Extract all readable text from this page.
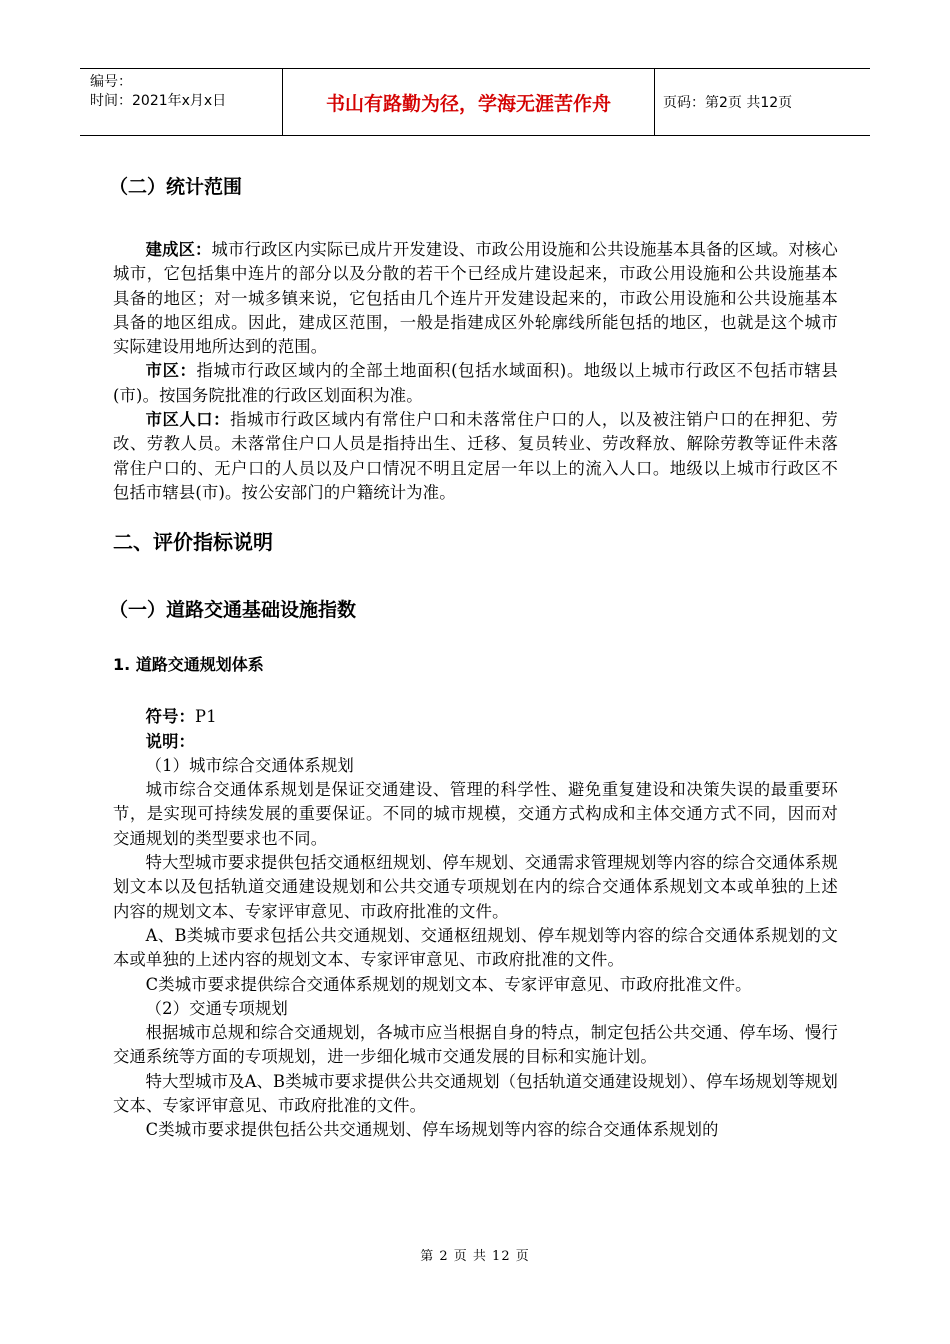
编号：
时间：2021年x月x日	书山有路勤为径，学海无涯苦作舟	页码：第2页 共12页
（二）统计范围

建成区：城市行政区内实际已成片开发建设、市政公用设施和公共设施基本具备的区域。对核心城市，它包括集中连片的部分以及分散的若干个已经成片建设起来，市政公用设施和公共设施基本具备的地区；对一城多镇来说，它包括由几个连片开发建设起来的，市政公用设施和公共设施基本具备的地区组成。因此，建成区范围，一般是指建成区外轮廓线所能包括的地区，也就是这个城市实际建设用地所达到的范围。

市区：指城市行政区域内的全部土地面积(包括水域面积)。地级以上城市行政区不包括市辖县(市)。按国务院批准的行政区划面积为准。

市区人口：指城市行政区域内有常住户口和未落常住户口的人，以及被注销户口的在押犯、劳改、劳教人员。未落常住户口人员是指持出生、迁移、复员转业、劳改释放、解除劳教等证件未落常住户口的、无户口的人员以及户口情况不明且定居一年以上的流入人口。地级以上城市行政区不包括市辖县(市)。按公安部门的户籍统计为准。

二、评价指标说明
（一）道路交通基础设施指数
1. 道路交通规划体系

符号：P1

说明：

（1）城市综合交通体系规划

城市综合交通体系规划是保证交通建设、管理的科学性、避免重复建设和决策失误的最重要环节，是实现可持续发展的重要保证。不同的城市规模，交通方式构成和主体交通方式不同，因而对交通规划的类型要求也不同。

特大型城市要求提供包括交通枢纽规划、停车规划、交通需求管理规划等内容的综合交通体系规划文本以及包括轨道交通建设规划和公共交通专项规划在内的综合交通体系规划文本或单独的上述内容的规划文本、专家评审意见、市政府批准的文件。

A、B类城市要求包括公共交通规划、交通枢纽规划、停车规划等内容的综合交通体系规划的文本或单独的上述内容的规划文本、专家评审意见、市政府批准的文件。

C类城市要求提供综合交通体系规划的规划文本、专家评审意见、市政府批准文件。

（2）交通专项规划

根据城市总规和综合交通规划，各城市应当根据自身的特点，制定包括公共交通、停车场、慢行交通系统等方面的专项规划，进一步细化城市交通发展的目标和实施计划。

特大型城市及A、B类城市要求提供公共交通规划（包括轨道交通建设规划）、停车场规划等规划文本、专家评审意见、市政府批准的文件。

C类城市要求提供包括公共交通规划、停车场规划等内容的综合交通体系规划的

第 2 页 共 12 页
